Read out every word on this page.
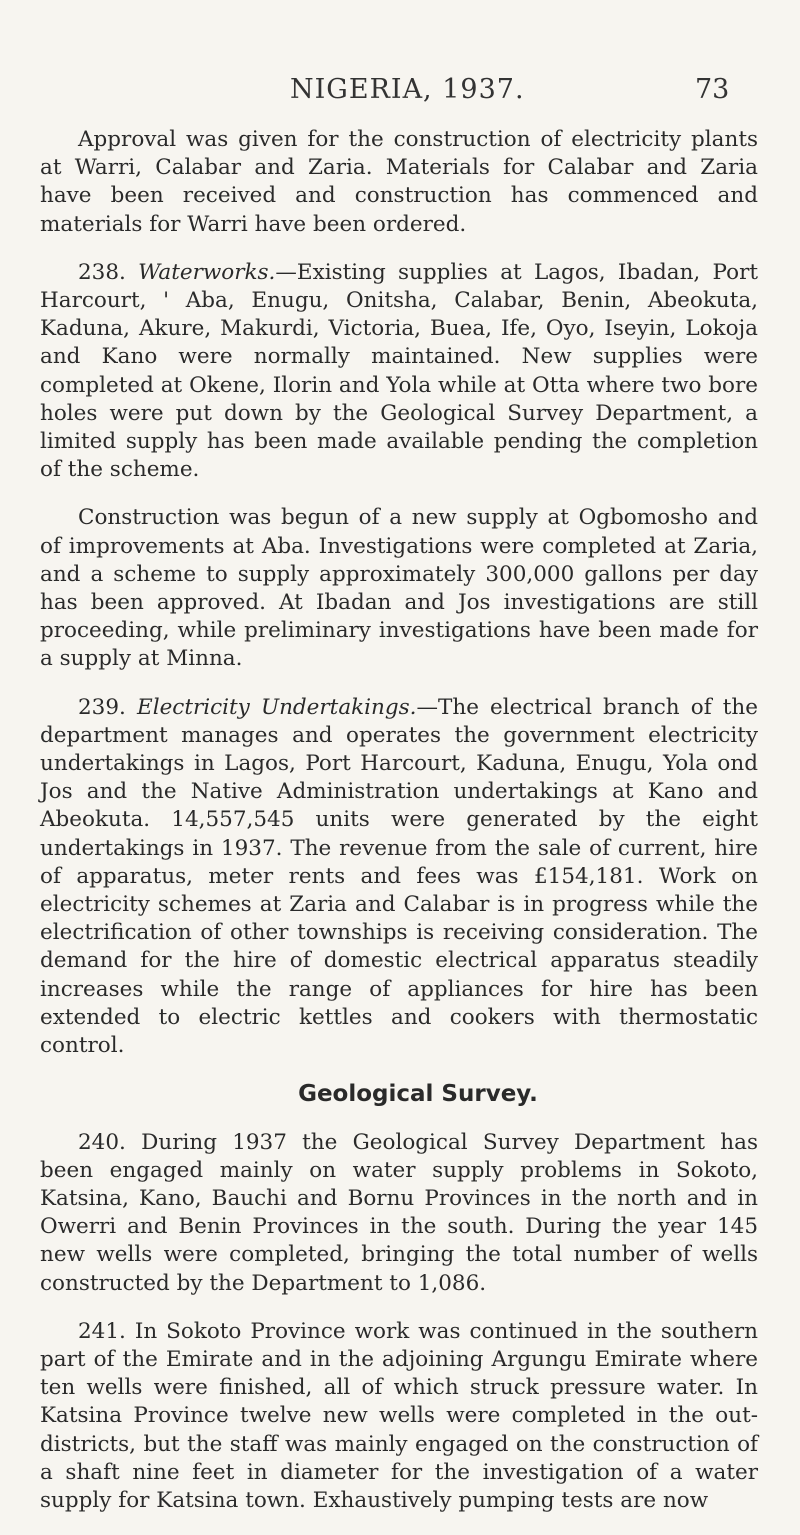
NIGERIA, 1937.	73

Approval was given for the construction of electricity plants at Warri, Calabar and Zaria. Materials for Calabar and Zaria have been received and construction has commenced and materials for Warri have been ordered.

238. Waterworks.—Existing supplies at Lagos, Ibadan, Port Harcourt, ' Aba, Enugu, Onitsha, Calabar, Benin, Abeokuta, Kaduna, Akure, Makurdi, Victoria, Buea, Ife, Oyo, Iseyin, Lokoja and Kano were normally maintained. New supplies were completed at Okene, Ilorin and Yola while at Otta where two bore holes were put down by the Geological Survey Department, a limited supply has been made available pending the completion of the scheme.

Construction was begun of a new supply at Ogbomosho and of improvements at Aba. Investigations were completed at Zaria, and a scheme to supply approximately 300,000 gallons per day has been approved. At Ibadan and Jos investigations are still proceeding, while preliminary investigations have been made for a supply at Minna.

239. Electricity Undertakings.—The electrical branch of the department manages and operates the government electricity undertakings in Lagos, Port Harcourt, Kaduna, Enugu, Yola ond Jos and the Native Administration undertakings at Kano and Abeokuta. 14,557,545 units were generated by the eight undertakings in 1937. The revenue from the sale of current, hire of apparatus, meter rents and fees was £154,181. Work on electricity schemes at Zaria and Calabar is in progress while the electrification of other townships is receiving consideration. The demand for the hire of domestic electrical apparatus steadily increases while the range of appliances for hire has been extended to electric kettles and cookers with thermostatic control.

Geological Survey.

240. During 1937 the Geological Survey Department has been engaged mainly on water supply problems in Sokoto, Katsina, Kano, Bauchi and Bornu Provinces in the north and in Owerri and Benin Provinces in the south. During the year 145 new wells were completed, bringing the total number of wells constructed by the Department to 1,086.

241. In Sokoto Province work was continued in the southern part of the Emirate and in the adjoining Argungu Emirate where ten wells were finished, all of which struck pressure water. In Katsina Province twelve new wells were completed in the out-districts, but the staff was mainly engaged on the construction of a shaft nine feet in diameter for the investigation of a water supply for Katsina town. Exhaustively pumping tests are now
